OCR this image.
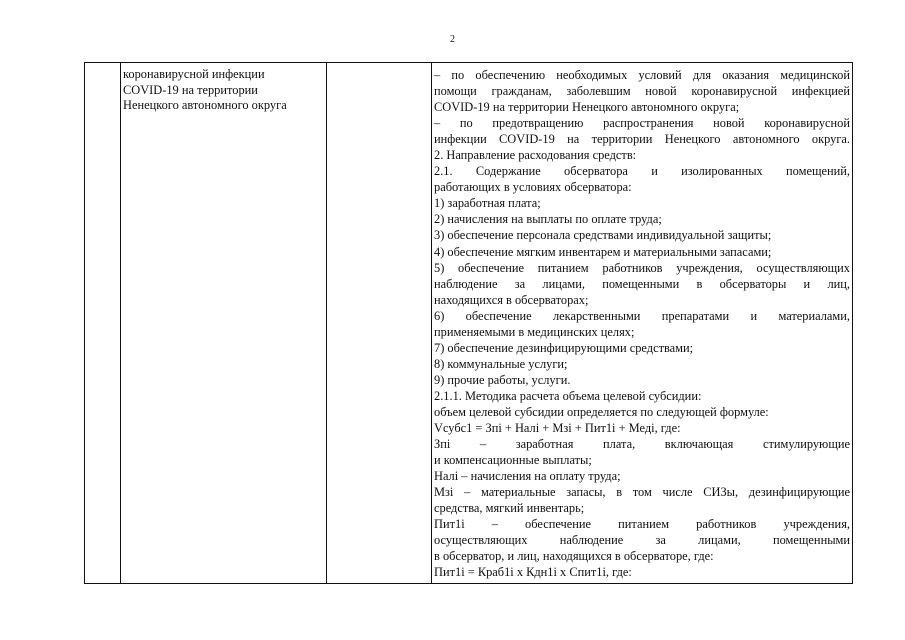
2
коронавирусной инфекции
COVID-19 на территории
Ненецкого автономного округа
– по обеспечению необходимых условий для оказания медицинской
помощи гражданам, заболевшим новой коронавирусной инфекцией
COVID-19 на территории Ненецкого автономного округа;
– по предотвращению распространения новой коронавирусной
инфекции COVID-19 на территории Ненецкого автономного округа.
2. Направление расходования средств:
2.1. Содержание обсерватора и изолированных помещений,
работающих в условиях обсерватора:
1) заработная плата;
2) начисления на выплаты по оплате труда;
3) обеспечение персонала средствами индивидуальной защиты;
4) обеспечение мягким инвентарем и материальными запасами;
5) обеспечение питанием работников учреждения, осуществляющих
наблюдение за лицами, помещенными в обсерваторы и лиц,
находящихся в обсерваторах;
6) обеспечение лекарственными препаратами и материалами,
применяемыми в медицинских целях;
7) обеспечение дезинфицирующими средствами;
8) коммунальные услуги;
9) прочие работы, услуги.
2.1.1. Методика расчета объема целевой субсидии:
объем целевой субсидии определяется по следующей формуле:
Vсубс1 = Зпi + Налi + Мзi + Пит1i + Медi, где:
Зпi – заработная плата, включающая стимулирующие
и компенсационные выплаты;
Налi – начисления на оплату труда;
Мзi – материальные запасы, в том числе СИЗы, дезинфицирующие
средства, мягкий инвентарь;
Пит1i – обеспечение питанием работников учреждения,
осуществляющих наблюдение за лицами, помещенными
в обсерватор, и лиц, находящихся в обсерваторе, где:
Пит1i = Краб1i х Кдн1i х Спит1i, где:
